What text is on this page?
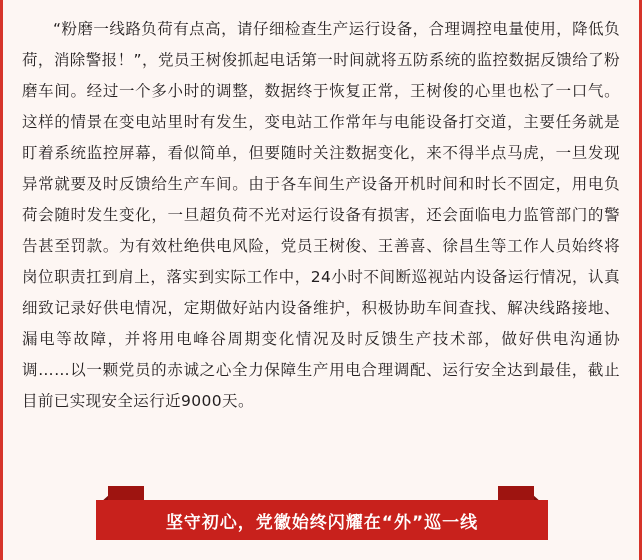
“粉磨一线路负荷有点高，请仔细检查生产运行设备，合理调控电量使用，降低负荷，消除警报！”，党员王树俊抓起电话第一时间就将五防系统的监控数据反馈给了粉磨车间。经过一个多小时的调整，数据终于恢复正常，王树俊的心里也松了一口气。这样的情景在变电站里时有发生，变电站工作常年与电能设备打交道，主要任务就是盯着系统监控屏幕，看似简单，但要随时关注数据变化，来不得半点马虎，一旦发现异常就要及时反馈给生产车间。由于各车间生产设备开机时间和时长不固定，用电负荷会随时发生变化，一旦超负荷不光对运行设备有损害，还会面临电力监管部门的警告甚至罚款。为有效杜绝供电风险，党员王树俊、王善喜、徐昌生等工作人员始终将岗位职责扛到肩上，落实到实际工作中，24小时不间断巡视站内设备运行情况，认真细致记录好供电情况，定期做好站内设备维护，积极协助车间查找、解决线路接地、漏电等故障，并将用电峰谷周期变化情况及时反馈生产技术部，做好供电沟通协调……以一颗党员的赤诚之心全力保障生产用电合理调配、运行安全达到最佳，截止目前已实现安全运行近9000天。
坚守初心，党徽始终闪耀在“外”巡一线
